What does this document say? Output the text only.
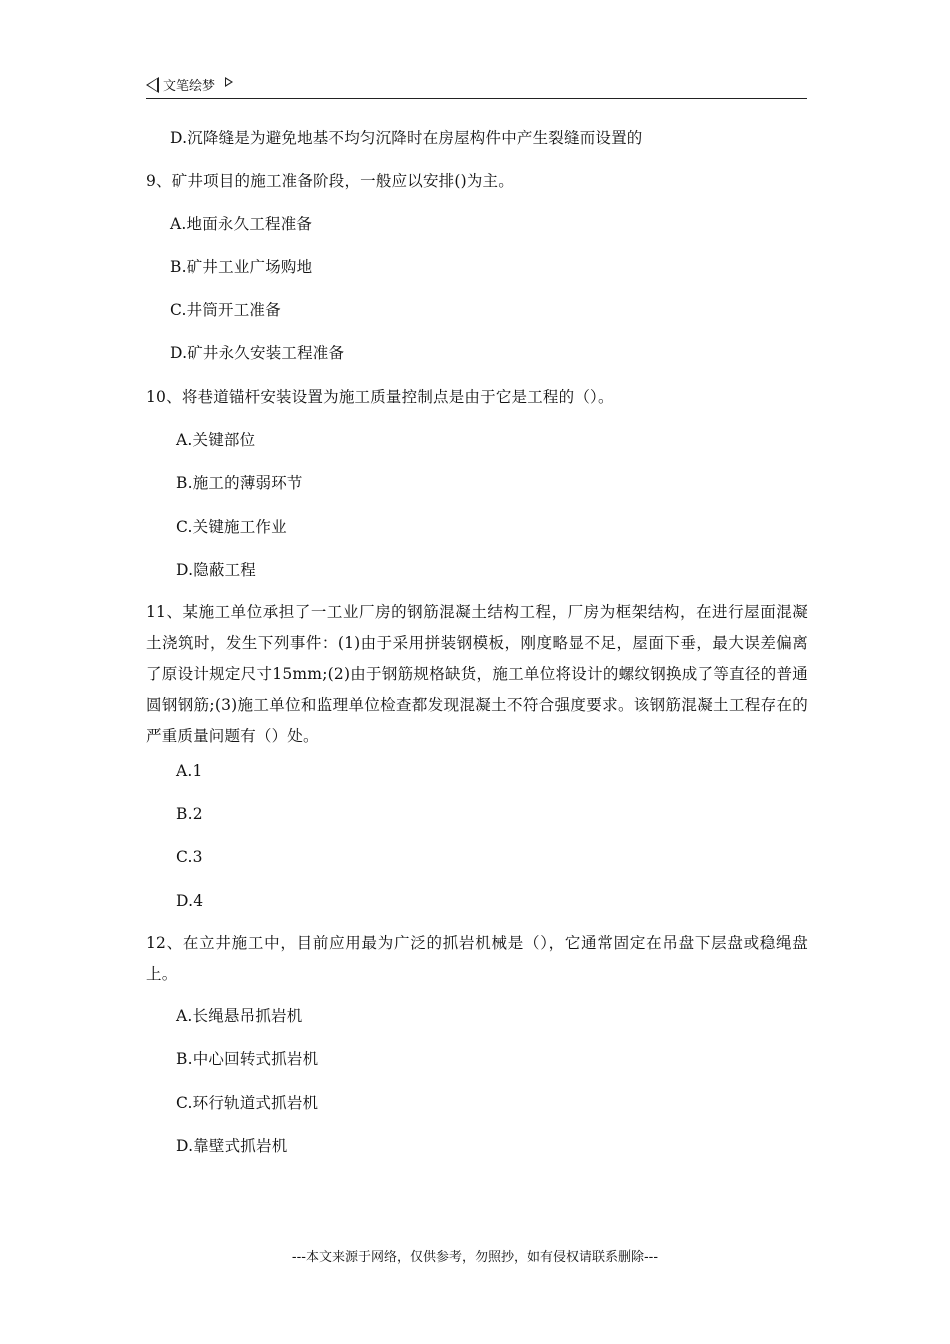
文笔绘梦
D.沉降缝是为避免地基不均匀沉降时在房屋构件中产生裂缝而设置的
9、矿井项目的施工准备阶段，一般应以安排()为主。
A.地面永久工程准备
B.矿井工业广场购地
C.井筒开工准备
D.矿井永久安装工程准备
10、将巷道锚杆安装设置为施工质量控制点是由于它是工程的（）。
A.关键部位
B.施工的薄弱环节
C.关键施工作业
D.隐蔽工程
11、某施工单位承担了一工业厂房的钢筋混凝土结构工程，厂房为框架结构，在进行屋面混凝土浇筑时，发生下列事件：(1)由于采用拼装钢模板，刚度略显不足，屋面下垂，最大误差偏离了原设计规定尺寸15mm;(2)由于钢筋规格缺货，施工单位将设计的螺纹钢换成了等直径的普通圆钢钢筋;(3)施工单位和监理单位检查都发现混凝土不符合强度要求。该钢筋混凝土工程存在的严重质量问题有（）处。
A.1
B.2
C.3
D.4
12、在立井施工中，目前应用最为广泛的抓岩机械是（），它通常固定在吊盘下层盘或稳绳盘上。
A.长绳悬吊抓岩机
B.中心回转式抓岩机
C.环行轨道式抓岩机
D.靠壁式抓岩机
---本文来源于网络，仅供参考，勿照抄，如有侵权请联系删除---
